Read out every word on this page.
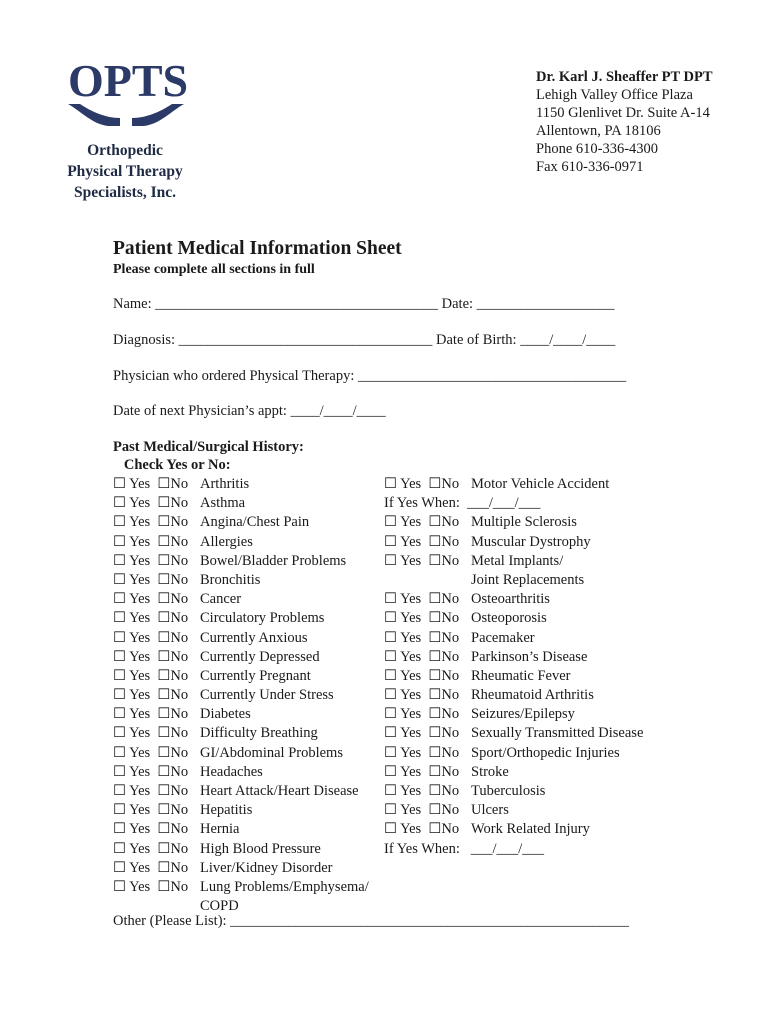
OPTS
Orthopedic
Physical Therapy
Specialists, Inc.
Dr. Karl J. Sheaffer PT DPT
Lehigh Valley Office Plaza
1150 Glenlivet Dr. Suite A-14
Allentown, PA 18106
Phone 610-336-4300
Fax 610-336-0971
Patient Medical Information Sheet
Please complete all sections in full
Name: _______________________________________ Date: ___________________
Diagnosis: ___________________________________ Date of Birth: ____/____/____
Physician who ordered Physical Therapy: _____________________________________
Date of next Physician’s appt: ____/____/____
Past Medical/Surgical History:
Check Yes or No:
☐ Yes  ☐No Arthritis
☐ Yes  ☐No Asthma
☐ Yes  ☐No Angina/Chest Pain
☐ Yes  ☐No Allergies
☐ Yes  ☐No Bowel/Bladder Problems
☐ Yes  ☐No Bronchitis
☐ Yes  ☐No Cancer
☐ Yes  ☐No Circulatory Problems
☐ Yes  ☐No Currently Anxious
☐ Yes  ☐No Currently Depressed
☐ Yes  ☐No Currently Pregnant
☐ Yes  ☐No Currently Under Stress
☐ Yes  ☐No Diabetes
☐ Yes  ☐No Difficulty Breathing
☐ Yes  ☐No GI/Abdominal Problems
☐ Yes  ☐No Headaches
☐ Yes  ☐No Heart Attack/Heart Disease
☐ Yes  ☐No Hepatitis
☐ Yes  ☐No Hernia
☐ Yes  ☐No High Blood Pressure
☐ Yes  ☐No Liver/Kidney Disorder
☐ Yes  ☐No Lung Problems/Emphysema/
COPD
☐ Yes  ☐No Motor Vehicle Accident
If Yes When:  ___/___/___
☐ Yes  ☐No Multiple Sclerosis
☐ Yes  ☐No Muscular Dystrophy
☐ Yes  ☐No Metal Implants/
Joint Replacements
☐ Yes  ☐No Osteoarthritis
☐ Yes  ☐No Osteoporosis
☐ Yes  ☐No Pacemaker
☐ Yes  ☐No Parkinson’s Disease
☐ Yes  ☐No Rheumatic Fever
☐ Yes  ☐No Rheumatoid Arthritis
☐ Yes  ☐No Seizures/Epilepsy
☐ Yes  ☐No Sexually Transmitted Disease
☐ Yes  ☐No Sport/Orthopedic Injuries
☐ Yes  ☐No Stroke
☐ Yes  ☐No Tuberculosis
☐ Yes  ☐No Ulcers
☐ Yes  ☐No Work Related Injury
If Yes When:   ___/___/___
Other (Please List): _______________________________________________________
